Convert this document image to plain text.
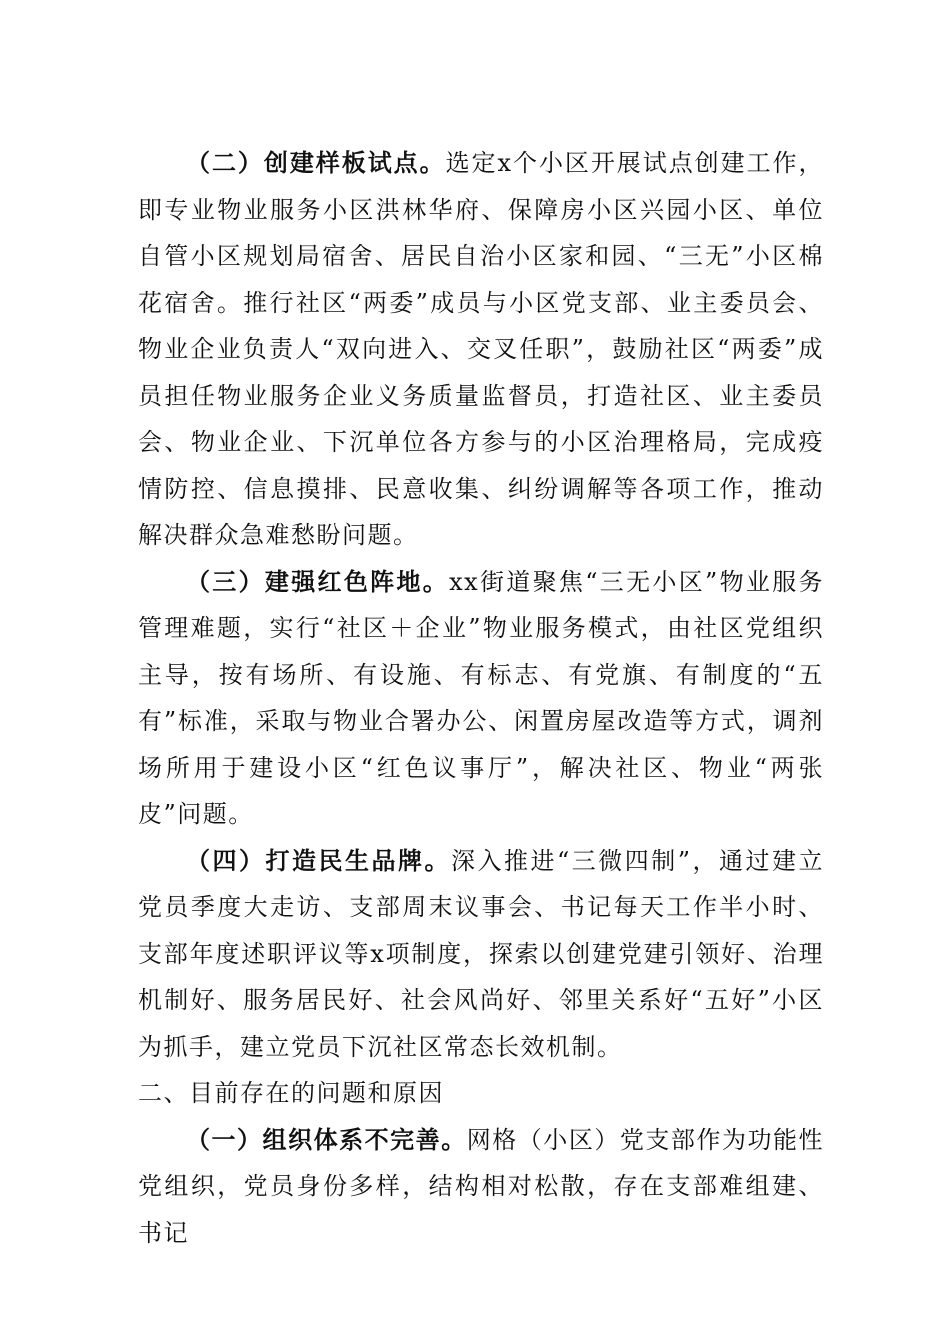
（二）创建样板试点。选定x个小区开展试点创建工作，即专业物业服务小区洪林华府、保障房小区兴园小区、单位自管小区规划局宿舍、居民自治小区家和园、“三无”小区棉花宿舍。推行社区“两委”成员与小区党支部、业主委员会、物业企业负责人“双向进入、交叉任职”，鼓励社区“两委”成员担任物业服务企业义务质量监督员，打造社区、业主委员会、物业企业、下沉单位各方参与的小区治理格局，完成疫情防控、信息摸排、民意收集、纠纷调解等各项工作，推动解决群众急难愁盼问题。

（三）建强红色阵地。xx街道聚焦“三无小区”物业服务管理难题，实行“社区＋企业”物业服务模式，由社区党组织主导，按有场所、有设施、有标志、有党旗、有制度的“五有”标准，采取与物业合署办公、闲置房屋改造等方式，调剂场所用于建设小区“红色议事厅”，解决社区、物业“两张皮”问题。

（四）打造民生品牌。深入推进“三微四制”，通过建立党员季度大走访、支部周末议事会、书记每天工作半小时、支部年度述职评议等x项制度，探索以创建党建引领好、治理机制好、服务居民好、社会风尚好、邻里关系好“五好”小区为抓手，建立党员下沉社区常态长效机制。

二、目前存在的问题和原因

（一）组织体系不完善。网格（小区）党支部作为功能性党组织，党员身份多样，结构相对松散，存在支部难组建、书记
